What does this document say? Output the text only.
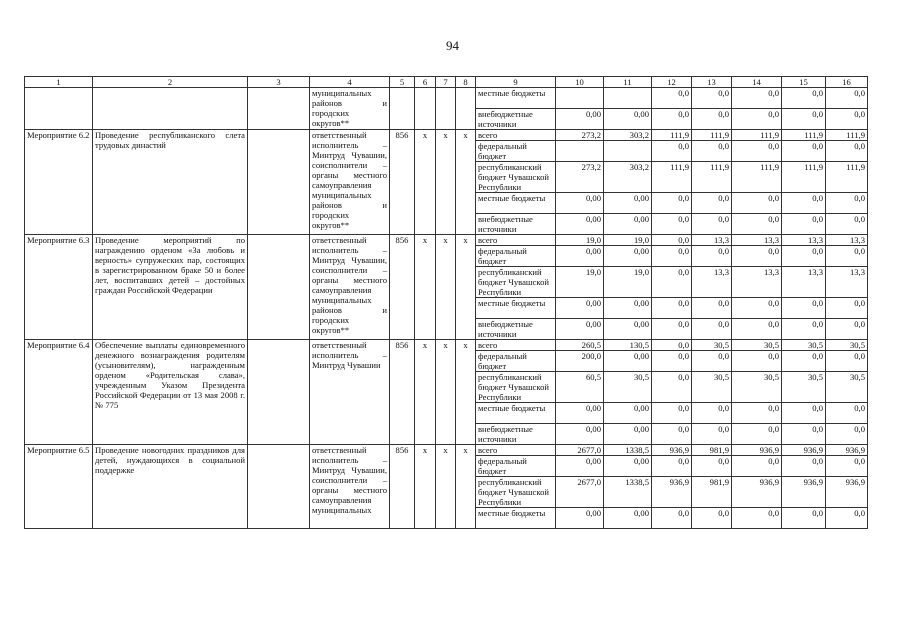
94
1	2	3	4	5	6	7	8	9	10	11	12	13	14	15	16
			муниципальных районов и городских округов**					местные бюджеты			0,0	0,0	0,0	0,0	0,0
								внебюджетные источники	0,00	0,00	0,0	0,0	0,0	0,0	0,0
Мероприятие 6.2	Проведение республиканского слета трудовых династий		ответственный исполнитель – Минтруд Чувашии, соисполнители – органы местного самоуправления муниципальных районов и городских округов**	856	x	x	x	всего	273,2	303,2	111,9	111,9	111,9	111,9	111,9
								федеральный бюджет			0,0	0,0	0,0	0,0	0,0
								республиканский бюджет Чувашской Республики	273,2	303,2	111,9	111,9	111,9	111,9	111,9
								местные бюджеты	0,00	0,00	0,0	0,0	0,0	0,0	0,0
								внебюджетные источники	0,00	0,00	0,0	0,0	0,0	0,0	0,0
Мероприятие 6.3	Проведение мероприятий по награждению орденом «За любовь и верность» супружеских пар, состоящих в зарегистрированном браке 50 и более лет, воспитавших детей – достойных граждан Российской Федерации		ответственный исполнитель – Минтруд Чувашии, соисполнители – органы местного самоуправления муниципальных районов и городских округов**	856	x	x	x	всего	19,0	19,0	0,0	13,3	13,3	13,3	13,3
								федеральный бюджет	0,00	0,00	0,0	0,0	0,0	0,0	0,0
								республиканский бюджет Чувашской Республики	19,0	19,0	0,0	13,3	13,3	13,3	13,3
								местные бюджеты	0,00	0,00	0,0	0,0	0,0	0,0	0,0
								внебюджетные источники	0,00	0,00	0,0	0,0	0,0	0,0	0,0
Мероприятие 6.4	Обеспечение выплаты единовременного денежного вознаграждения родителям (усыновителям), награжденным орденом «Родительская слава», учрежденным Указом Президента Российской Федерации от 13 мая 2008 г. № 775		ответственный исполнитель – Минтруд Чувашии	856	x	x	x	всего	260,5	130,5	0,0	30,5	30,5	30,5	30,5
								федеральный бюджет	200,0	0,00	0,0	0,0	0,0	0,0	0,0
								республиканский бюджет Чувашской Республики	60,5	30,5	0,0	30,5	30,5	30,5	30,5
								местные бюджеты	0,00	0,00	0,0	0,0	0,0	0,0	0,0
								внебюджетные источники	0,00	0,00	0,0	0,0	0,0	0,0	0,0
Мероприятие 6.5	Проведение новогодних праздников для детей, нуждающихся в социальной поддержке		ответственный исполнитель – Минтруд Чувашии, соисполнители – органы местного самоуправления муниципальных	856	x	x	x	всего	2677,0	1338,5	936,9	981,9	936,9	936,9	936,9
								федеральный бюджет	0,00	0,00	0,0	0,0	0,0	0,0	0,0
								республиканский бюджет Чувашской Республики	2677,0	1338,5	936,9	981,9	936,9	936,9	936,9
								местные бюджеты	0,00	0,00	0,0	0,0	0,0	0,0	0,0
